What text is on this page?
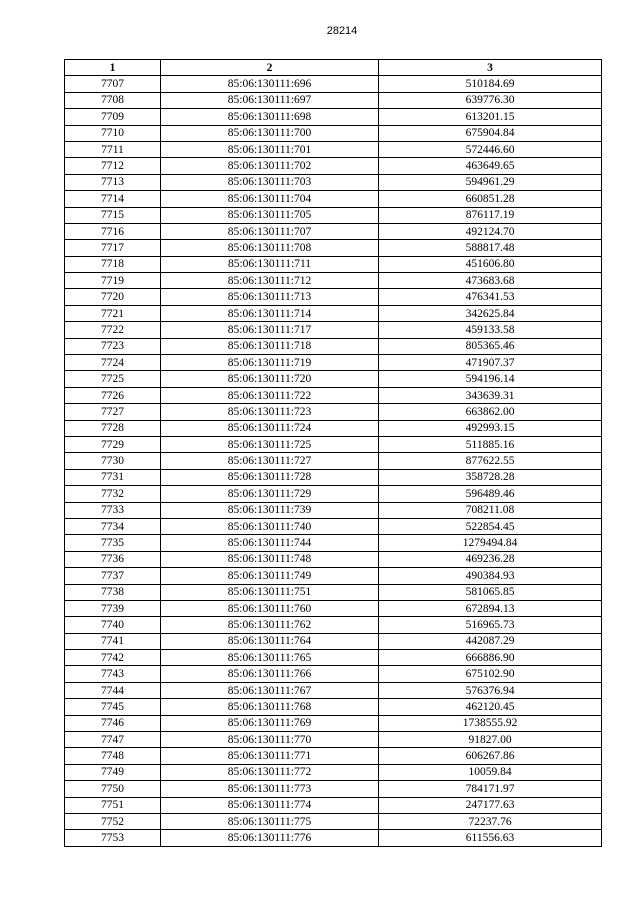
28214
1	2	3
7707	85:06:130111:696	510184.69
7708	85:06:130111:697	639776.30
7709	85:06:130111:698	613201.15
7710	85:06:130111:700	675904.84
7711	85:06:130111:701	572446.60
7712	85:06:130111:702	463649.65
7713	85:06:130111:703	594961.29
7714	85:06:130111:704	660851.28
7715	85:06:130111:705	876117.19
7716	85:06:130111:707	492124.70
7717	85:06:130111:708	588817.48
7718	85:06:130111:711	451606.80
7719	85:06:130111:712	473683.68
7720	85:06:130111:713	476341.53
7721	85:06:130111:714	342625.84
7722	85:06:130111:717	459133.58
7723	85:06:130111:718	805365.46
7724	85:06:130111:719	471907.37
7725	85:06:130111:720	594196.14
7726	85:06:130111:722	343639.31
7727	85:06:130111:723	663862.00
7728	85:06:130111:724	492993.15
7729	85:06:130111:725	511885.16
7730	85:06:130111:727	877622.55
7731	85:06:130111:728	358728.28
7732	85:06:130111:729	596489.46
7733	85:06:130111:739	708211.08
7734	85:06:130111:740	522854.45
7735	85:06:130111:744	1279494.84
7736	85:06:130111:748	469236.28
7737	85:06:130111:749	490384.93
7738	85:06:130111:751	581065.85
7739	85:06:130111:760	672894.13
7740	85:06:130111:762	516965.73
7741	85:06:130111:764	442087.29
7742	85:06:130111:765	666886.90
7743	85:06:130111:766	675102.90
7744	85:06:130111:767	576376.94
7745	85:06:130111:768	462120.45
7746	85:06:130111:769	1738555.92
7747	85:06:130111:770	91827.00
7748	85:06:130111:771	606267.86
7749	85:06:130111:772	10059.84
7750	85:06:130111:773	784171.97
7751	85:06:130111:774	247177.63
7752	85:06:130111:775	72237.76
7753	85:06:130111:776	611556.63
